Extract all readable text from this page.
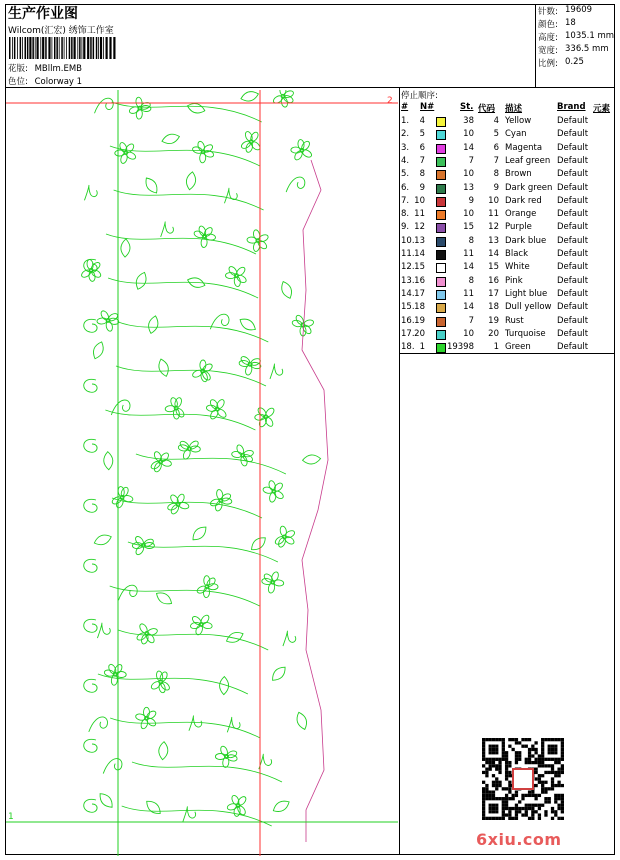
生产作业图
Wilcom(汇宏) 绣饰工作室
花版: MBllm.EMB
色位: Colorway 1
针数: 19609
颜色: 18
高度: 1035.1 mm
宽度: 336.5 mm
比例: 0.25
停止顺序:
# N#	St. 代码 描述	Brand 元素
1. 4	38 4 Yellow	Default
2. 5	10 5 Cyan	Default
3. 6	14 6 Magenta Default
4. 7	7 7 Leaf green Default
5. 8	10 8 Brown	Default
6. 9	13 9 Dark green Default
7. 10	9 10 Dark red Default
8. 11	10 11 Orange Default
9. 12	15 12 Purple	Default
10. 13	8 13 Dark blue Default
11. 14	11 14 Black	Default
12. 15	14 15 White	Default
13. 16	8 16 Pink	Default
14. 17	11 17 Light blue Default
15. 18	14 18 Dull yellow Default
16. 19	7 19 Rust	Default
17. 20	10 20 Turquoise Default
18. 1	19398 1 Green	Default
2
1
6xiu.com
